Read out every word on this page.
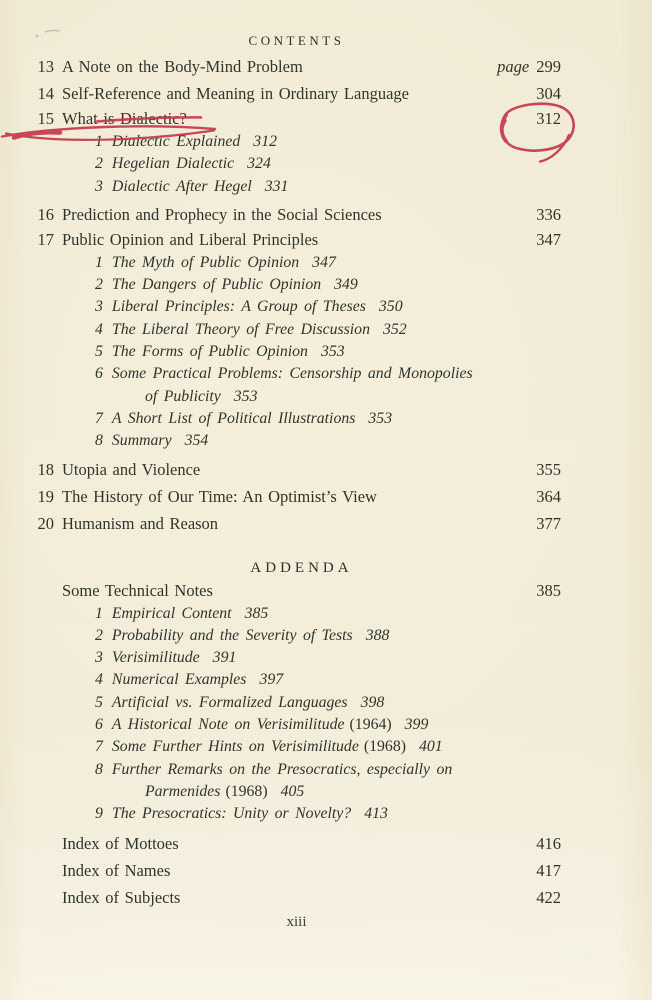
CONTENTS
13 A Note on the Body-Mind Problem	page 299
14 Self-Reference and Meaning in Ordinary Language	304
15 What is Dialectic?	312
1 Dialectic Explained 312
2 Hegelian Dialectic 324
3 Dialectic After Hegel 331
16 Prediction and Prophecy in the Social Sciences	336
17 Public Opinion and Liberal Principles	347
1 The Myth of Public Opinion 347
2 The Dangers of Public Opinion 349
3 Liberal Principles: A Group of Theses 350
4 The Liberal Theory of Free Discussion 352
5 The Forms of Public Opinion 353
6 Some Practical Problems: Censorship and Monopolies
of Publicity 353
7 A Short List of Political Illustrations 353
8 Summary 354
18 Utopia and Violence	355
19 The History of Our Time: An Optimist’s View	364
20 Humanism and Reason	377
ADDENDA
Some Technical Notes	385
1 Empirical Content 385
2 Probability and the Severity of Tests 388
3 Verisimilitude 391
4 Numerical Examples 397
5 Artificial vs. Formalized Languages 398
6 A Historical Note on Verisimilitude (1964) 399
7 Some Further Hints on Verisimilitude (1968) 401
8 Further Remarks on the Presocratics, especially on
Parmenides (1968) 405
9 The Presocratics: Unity or Novelty? 413
Index of Mottoes	416
Index of Names	417
Index of Subjects	422
xiii
